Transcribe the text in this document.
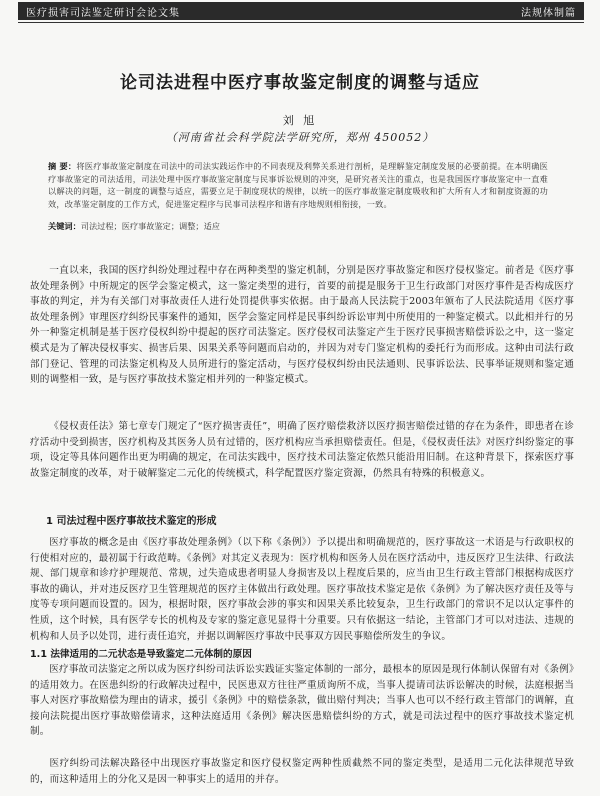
医疗损害司法鉴定研讨会论文集	法规体制篇
论司法进程中医疗事故鉴定制度的调整与适应
刘 旭
（河南省社会科学院法学研究所，郑州 450052）
摘 要：将医疗事故鉴定制度在司法中的司法实践运作中的不同表现及利弊关系进行剖析，是理解鉴定制度发展的必要前提。在本明确医疗事故鉴定的司法适用，司法处理中医疗事故鉴定制度与民事诉讼规则的冲突，是研究者关注的重点，也是我国医疗事故鉴定中一直难以解决的问题，这一制度的调整与适应，需要立足于制度现状的规律，以统一的医疗事故鉴定制度吸收和扩大所有人才和制度资源的功效，改革鉴定制度的工作方式，促进鉴定程序与民事司法程序和谐有序地规则相衔接，一致。
关键词：司法过程；医疗事故鉴定；调整；适应
一直以来，我国的医疗纠纷处理过程中存在两种类型的鉴定机制，分别是医疗事故鉴定和医疗侵权鉴定。前者是《医疗事故处理条例》中所规定的医学会鉴定模式，这一鉴定类型的进行，首要的前提是服务于卫生行政部门对医疗事件是否构成医疗事故的判定，并为有关部门对事故责任人进行处罚提供事实依据。由于最高人民法院于2003年颁布了人民法院适用《医疗事故处理条例》审理医疗纠纷民事案件的通知，医学会鉴定同样是民事纠纷诉讼审判中所使用的一种鉴定模式。以此相并行的另外一种鉴定机制是基于医疗侵权纠纷中提起的医疗司法鉴定。医疗侵权司法鉴定产生于医疗民事损害赔偿诉讼之中，这一鉴定模式是为了解决侵权事实、损害后果、因果关系等问题而启动的，并因为对专门鉴定机构的委托行为而形成。这种由司法行政部门登记、管理的司法鉴定机构及人员所进行的鉴定活动，与医疗侵权纠纷由民法通则、民事诉讼法、民事举证规则和鉴定通则的调整相一致，是与医疗事故技术鉴定相并列的一种鉴定模式。
《侵权责任法》第七章专门规定了“医疗损害责任”，明确了医疗赔偿救济以医疗损害赔偿过错的存在为条件，即患者在诊疗活动中受到损害，医疗机构及其医务人员有过错的，医疗机构应当承担赔偿责任。但是，《侵权责任法》对医疗纠纷鉴定的事项，设定等具体问题作出更为明确的规定，在司法实践中，医疗技术司法鉴定依然只能沿用旧制。在这种背景下，探索医疗事故鉴定制度的改革，对于破解鉴定二元化的传统模式，科学配置医疗鉴定资源，仍然具有特殊的积极意义。
1 司法过程中医疗事故技术鉴定的形成
医疗事故的概念是由《医疗事故处理条例》（以下称《条例》）予以提出和明确规范的，医疗事故这一术语是与行政职权的行使相对应的，最初属于行政范畴。《条例》对其定义表现为：医疗机构和医务人员在医疗活动中，违反医疗卫生法律、行政法规、部门规章和诊疗护理规范、常规，过失造成患者明显人身损害及以上程度后果的，应当由卫生行政主管部门根据构成医疗事故的确认，并对违反医疗卫生管理规范的医疗主体做出行政处理。医疗事故技术鉴定是依《条例》为了解决医疗责任及等与度等专项问题而设置的。因为，根据时限，医疗事故会涉的事实和因果关系比较复杂，卫生行政部门的常识不足以认定事件的性质，这个时候，具有医学专长的机构及专家的鉴定意见显得十分重要。只有依据这一结论，主管部门才可以对违法、违规的机构和人员予以处罚，进行责任追究，并据以调解医疗事故中民事双方因民事赔偿所发生的争议。
1.1 法律适用的二元状态是导致鉴定二元体制的原因
医疗事故司法鉴定之所以成为医疗纠纷司法诉讼实践证实鉴定体制的一部分，最根本的原因是现行体制认保留有对《条例》的适用效力。在医患纠纷的行政解决过程中，民医患双方往往严重质询所不成，当事人提请司法诉讼解决的时候，法庭根据当事人对医疗事故赔偿为理由的请求，援引《条例》中的赔偿条款，做出赔付判决；当事人也可以不经行政主管部门的调解，直接向法院提出医疗事故赔偿请求，这种法庭适用《条例》解决医患赔偿纠纷的方式，就是司法过程中的医疗事故技术鉴定机制。
医疗纠纷司法解决路径中出现医疗事故鉴定和医疗侵权鉴定两种性质截然不同的鉴定类型，是适用二元化法律规范导致的，而这种适用上的分化又是因一种事实上的适用的并存。
